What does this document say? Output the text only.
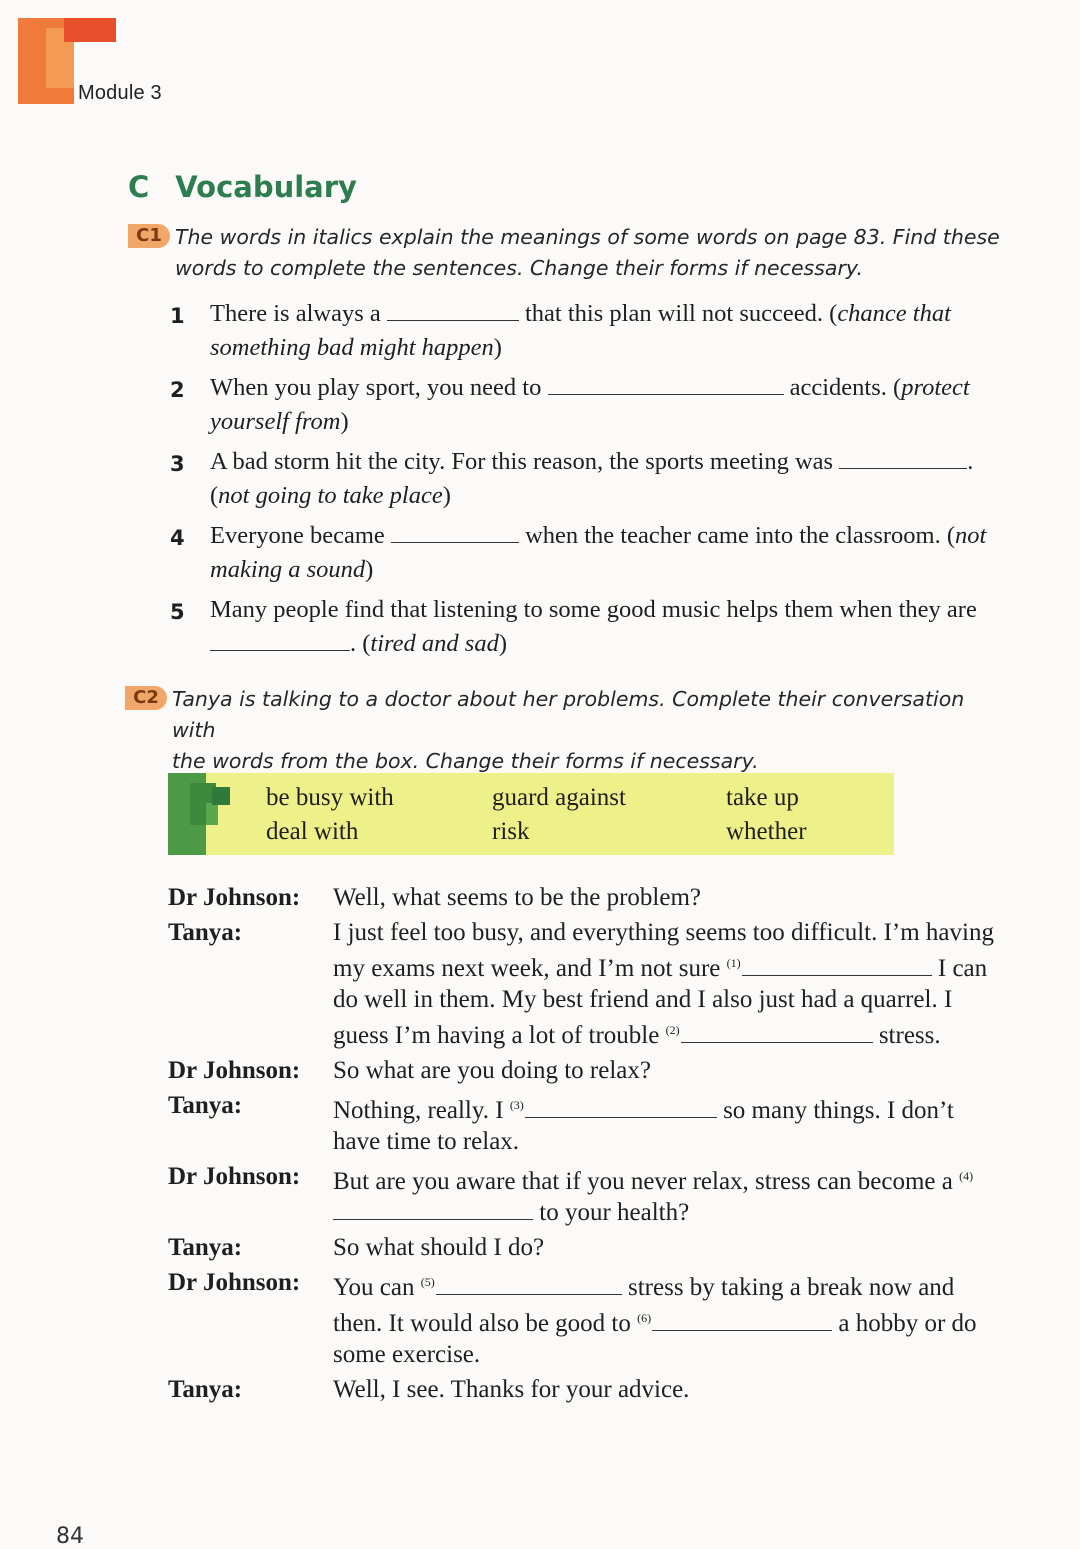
Module 3
C Vocabulary
C1 The words in italics explain the meanings of some words on page 83. Find these
words to complete the sentences. Change their forms if necessary.
1	There is always a	that this plan will not succeed. (chance that something bad might happen)
2	When you play sport, you need to	accidents. (protect yourself from)
3	A bad storm hit the city. For this reason, the sports meeting was	. (not going to take place)
4	Everyone became	when the teacher came into the classroom. (not making a sound)
5	Many people find that listening to some good music helps them when they are . (tired and sad)
C2 Tanya is talking to a doctor about her problems. Complete their conversation with
the words from the box. Change their forms if necessary.
be busy with	guard against	take up
deal with	risk	whether
Dr Johnson:	Well, what seems to be the problem?
Tanya:	I just feel too busy, and everything seems too difficult. I’m having my exams next week, and I’m not sure $^{(1)}$	I can do well in them. My best friend and I also just had a quarrel. I guess I’m having a lot of trouble $^{(2)}$	stress.
Dr Johnson:	So what are you doing to relax?
Tanya:	Nothing, really. I $^{(3)}$	so many things. I don’t have time to relax.
Dr Johnson:	But are you aware that if you never relax, stress can become a $^{(4)}$ to your health?
Tanya:	So what should I do?
Dr Johnson:	You can $^{(5)}$	stress by taking a break now and then. It would also be good to $^{(6)}$	a hobby or do some exercise.
Tanya:	Well, I see. Thanks for your advice.
84
